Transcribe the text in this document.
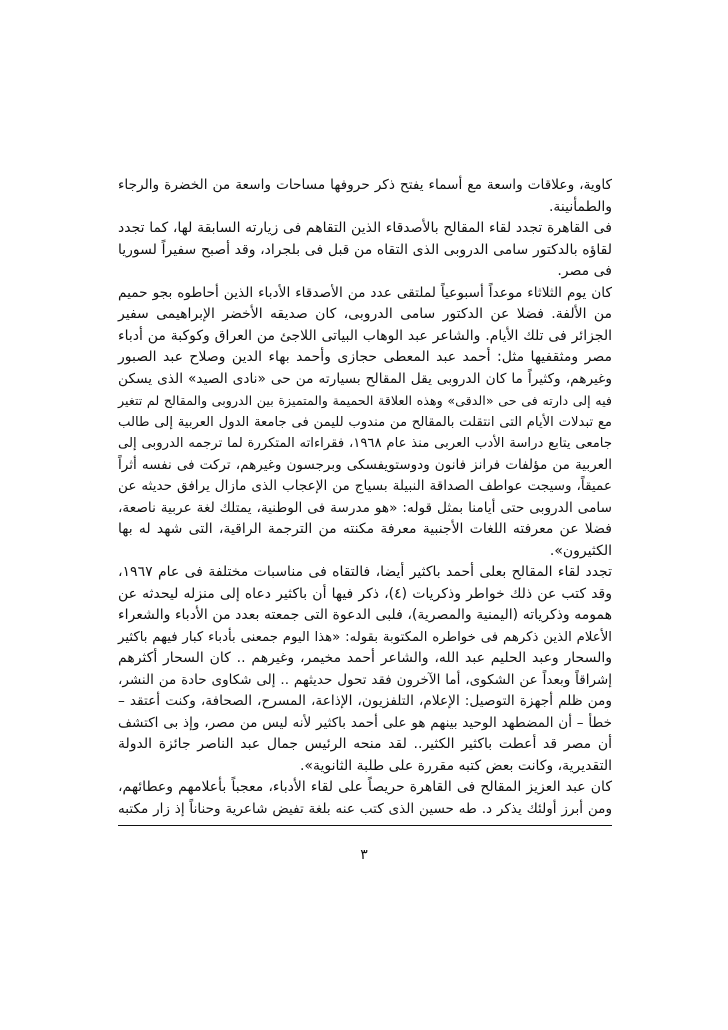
كاوية، وعلاقات واسعة مع أسماء يفتح ذكر حروفها مساحات واسعة من الخضرة والرجاء
والطمأنينة.
فى القاهرة تجدد لقاء المقالح بالأصدقاء الذين التقاهم فى زيارته السابقة لها، كما تجدد
لقاؤه بالدكتور سامى الدروبى الذى التقاه من قبل فى بلجراد، وقد أصبح سفيراً لسوريا
فى مصر.
كان يوم الثلاثاء موعداً أسبوعياً لملتقى عدد من الأصدقاء الأدباء الذين أحاطوه بجو حميم
من الألفة. فضلا عن الدكتور سامى الدروبى، كان صديقه الأخضر الإبراهيمى سفير
الجزائر فى تلك الأيام. والشاعر عبد الوهاب البياتى اللاجئ من العراق وكوكبة من أدباء
مصر ومثقفيها مثل: أحمد عبد المعطى حجازى وأحمد بهاء الدين وصلاح عبد الصبور
وغيرهم، وكثيراً ما كان الدروبى يقل المقالح بسيارته من حى «نادى الصيد» الذى يسكن
فيه إلى دارته فى حى «الدقى» وهذه العلاقة الحميمة والمتميزة بين الدروبى والمقالح لم تتغير
مع تبدلات الأيام التى انتقلت بالمقالح من مندوب لليمن فى جامعة الدول العربية إلى طالب
جامعى يتابع دراسة الأدب العربى منذ عام ١٩٦٨، فقراءاته المتكررة لما ترجمه الدروبى إلى
العربية من مؤلفات فرانز فانون ودوستويفسكى وبرجسون وغيرهم، تركت فى نفسه أثراً
عميقاً، وسيجت عواطف الصداقة النبيلة بسياج من الإعجاب الذى مازال يرافق حديثه عن
سامى الدروبى حتى أيامنا بمثل قوله: «هو مدرسة فى الوطنية، يمتلك لغة عربية ناصعة،
فضلا عن معرفته اللغات الأجنبية معرفة مكنته من الترجمة الراقية، التى شهد له بها
الكثيرون».
تجدد لقاء المقالح بعلى أحمد باكثير أيضا، فالتقاه فى مناسبات مختلفة فى عام ١٩٦٧،
وقد كتب عن ذلك خواطر وذكريات (٤)، ذكر فيها أن باكثير دعاه إلى منزله ليحدثه عن
همومه وذكرياته (اليمنية والمصرية)، فلبى الدعوة التى جمعته بعدد من الأدباء والشعراء
الأعلام الذين ذكرهم فى خواطره المكتوبة بقوله: «هذا اليوم جمعنى بأدباء كبار فيهم باكثير
والسحار وعبد الحليم عبد الله، والشاعر أحمد مخيمر، وغيرهم .. كان السحار أكثرهم
إشراقاً وبعداً عن الشكوى، أما الآخرون فقد تحول حديثهم .. إلى شكاوى حادة من النشر،
ومن ظلم أجهزة التوصيل: الإعلام، التلفزيون، الإذاعة، المسرح، الصحافة، وكنت أعتقد –
خطأ – أن المضطهد الوحيد بينهم هو على أحمد باكثير لأنه ليس من مصر، وإذ بى اكتشف
أن مصر قد أعطت باكثير الكثير.. لقد منحه الرئيس جمال عبد الناصر جائزة الدولة
التقديرية، وكانت بعض كتبه مقررة على طلبة الثانوية».
كان عبد العزيز المقالح فى القاهرة حريصاً على لقاء الأدباء، معجباً بأعلامهم وعطائهم،
ومن أبرز أولئك يذكر د. طه حسين الذى كتب عنه بلغة تفيض شاعرية وحناناً إذ زار مكتبه
٣
